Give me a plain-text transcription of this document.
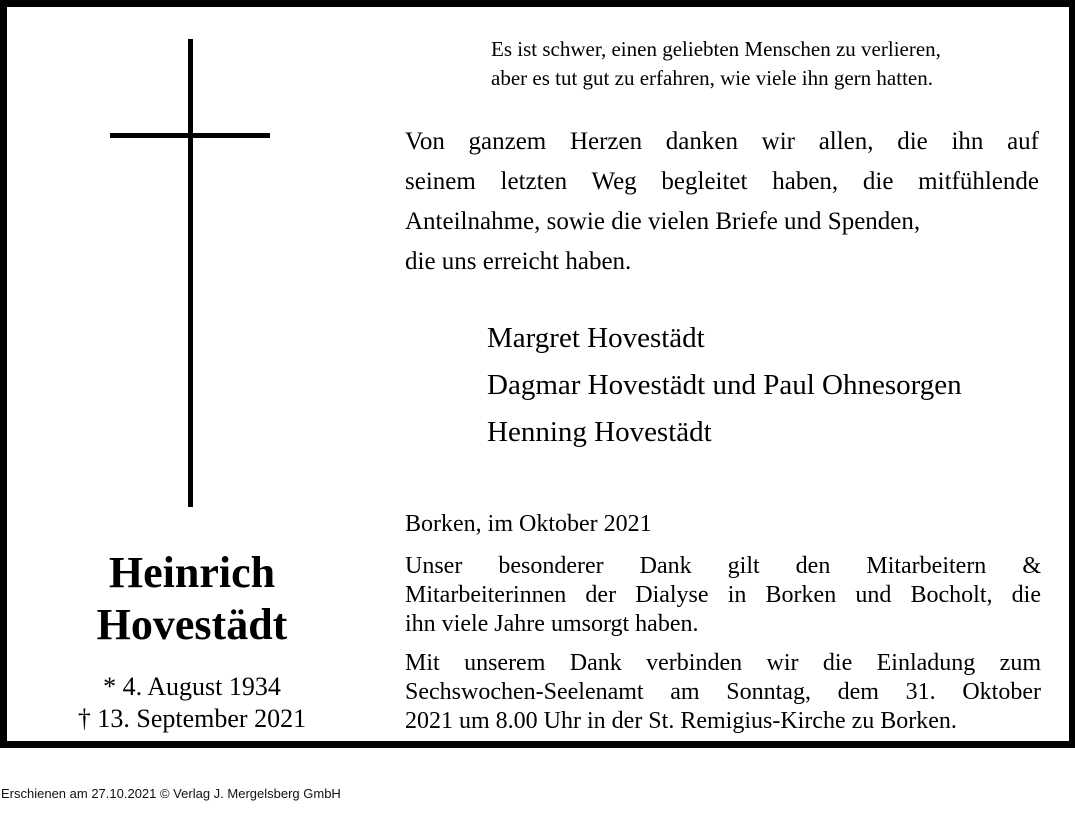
Es ist schwer, einen geliebten Menschen zu verlieren,
aber es tut gut zu erfahren, wie viele ihn gern hatten.
Von ganzem Herzen danken wir allen, die ihn auf
seinem letzten Weg begleitet haben, die mitfühlende
Anteilnahme, sowie die vielen Briefe und Spenden,
die uns erreicht haben.
Margret Hovestädt
Dagmar Hovestädt und Paul Ohnesorgen
Henning Hovestädt
Borken, im Oktober 2021
Unser besonderer Dank gilt den Mitarbeitern &
Mitarbeiterinnen der Dialyse in Borken und Bocholt, die
ihn viele Jahre umsorgt haben.
Mit unserem Dank verbinden wir die Einladung zum
Sechswochen-Seelenamt am Sonntag, dem 31. Oktober
2021 um 8.00 Uhr in der St. Remigius-Kirche zu Borken.
Heinrich
Hovestädt
* 4. August 1934
† 13. September 2021
Erschienen am 27.10.2021 © Verlag J. Mergelsberg GmbH
